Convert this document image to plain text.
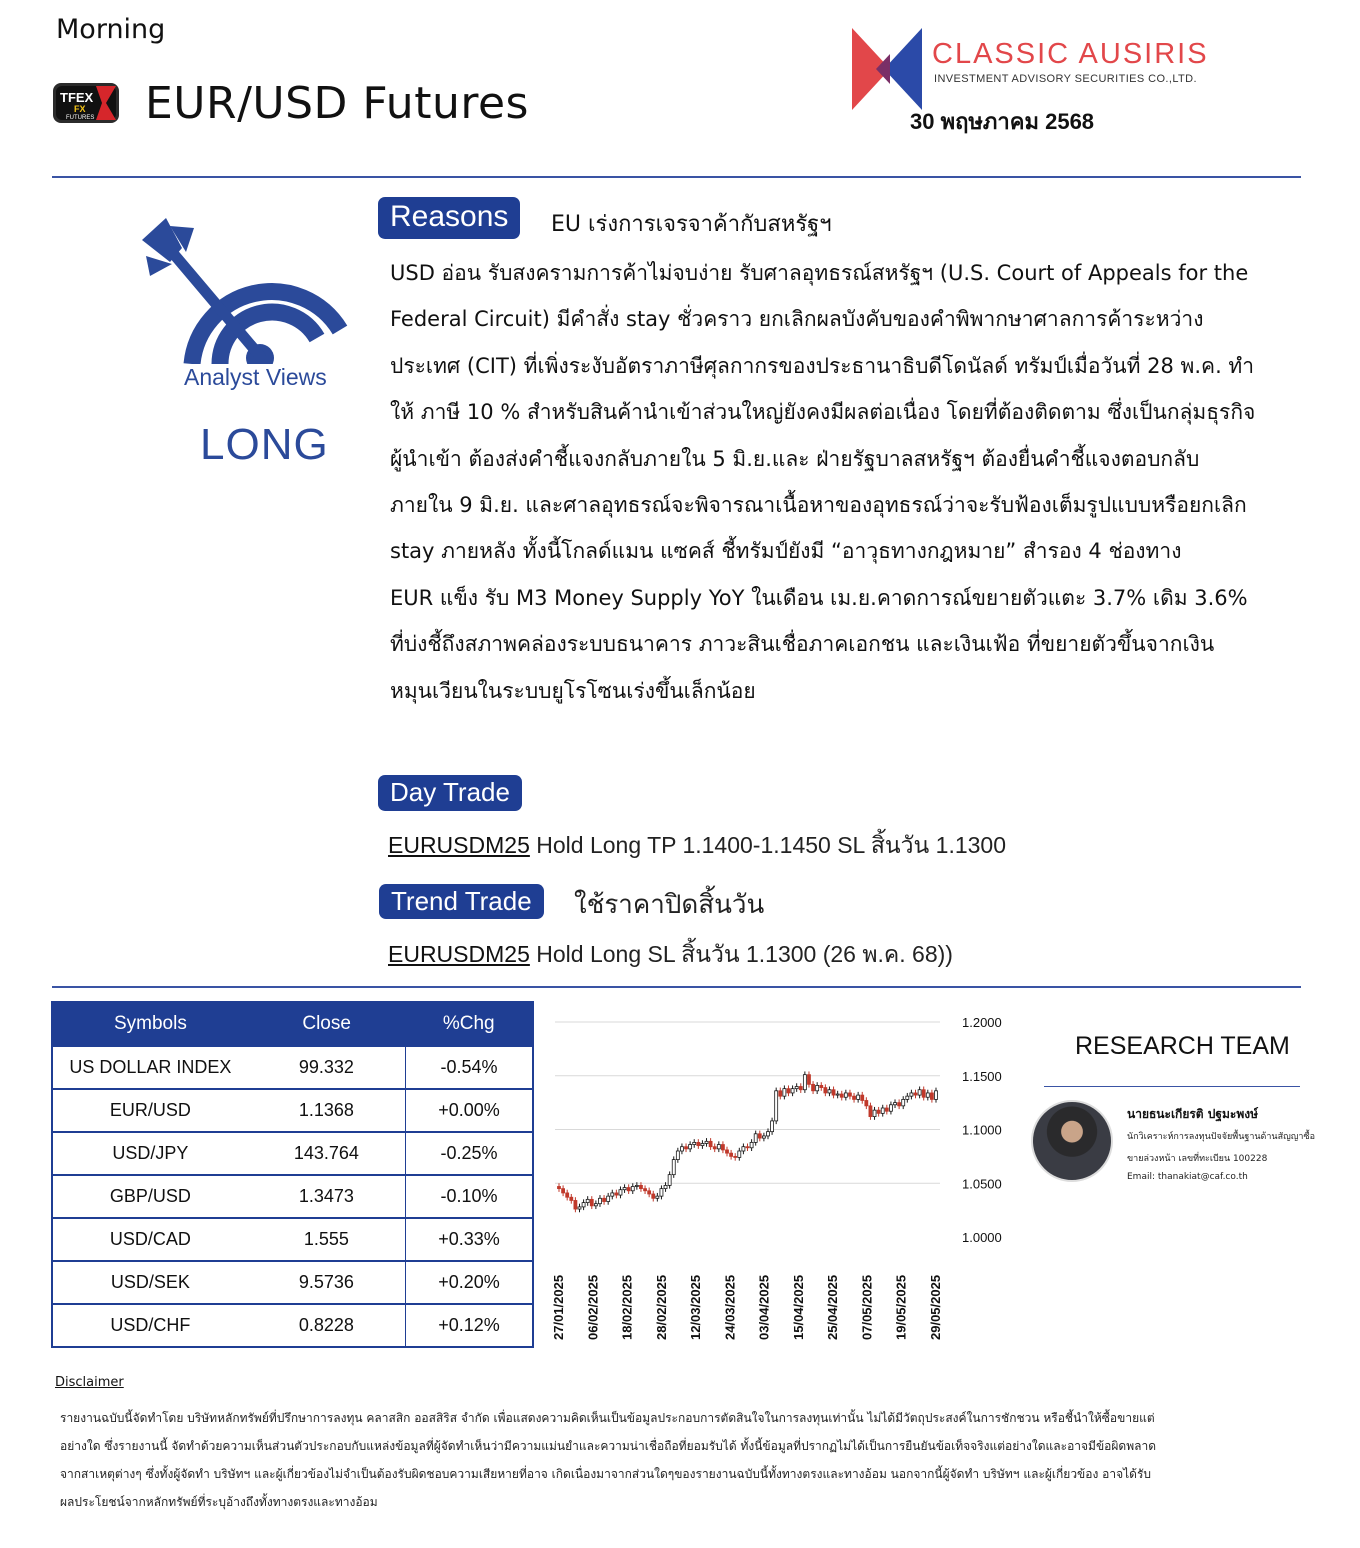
Morning
TFEX
FX
FUTURES EUR/USD Futures
CLASSIC AUSIRIS
INVESTMENT ADVISORY SECURITIES CO.,LTD.
30 พฤษภาคม 2568
Analyst Views
LONG
Reasons	EU เร่งการเจรจาค้ากับสหรัฐฯ
USD อ่อน รับสงครามการค้าไม่จบง่าย รับศาลอุทธรณ์สหรัฐฯ (U.S. Court of Appeals for the
Federal Circuit) มีคำสั่ง stay ชั่วคราว ยกเลิกผลบังคับของคำพิพากษาศาลการค้าระหว่าง
ประเทศ (CIT) ที่เพิ่งระงับอัตราภาษีศุลกากรของประธานาธิบดีโดนัลด์ ทรัมป์เมื่อวันที่ 28 พ.ค. ทำ
ให้ ภาษี 10 % สำหรับสินค้านำเข้าส่วนใหญ่ยังคงมีผลต่อเนื่อง โดยที่ต้องติดตาม ซึ่งเป็นกลุ่มธุรกิจ
ผู้นำเข้า ต้องส่งคำชี้แจงกลับภายใน 5 มิ.ย.และ ฝ่ายรัฐบาลสหรัฐฯ ต้องยื่นคำชี้แจงตอบกลับ
ภายใน 9 มิ.ย. และศาลอุทธรณ์จะพิจารณาเนื้อหาของอุทธรณ์ว่าจะรับฟ้องเต็มรูปแบบหรือยกเลิก
stay ภายหลัง ทั้งนี้โกลด์แมน แซคส์ ชี้ทรัมป์ยังมี “อาวุธทางกฎหมาย” สำรอง 4 ช่องทาง
EUR แข็ง รับ M3 Money Supply YoY ในเดือน เม.ย.คาดการณ์ขยายตัวแตะ 3.7% เดิม 3.6%
ที่บ่งชี้ถึงสภาพคล่องระบบธนาคาร ภาวะสินเชื่อภาคเอกชน และเงินเฟ้อ ที่ขยายตัวขึ้นจากเงิน
หมุนเวียนในระบบยูโรโซนเร่งขึ้นเล็กน้อย
Day Trade
EURUSDM25 Hold Long TP 1.1400-1.1450 SL สิ้นวัน 1.1300
Trend Trade	ใช้ราคาปิดสิ้นวัน
EURUSDM25 Hold Long SL สิ้นวัน 1.1300 (26 พ.ค. 68))
Symbols	Close	%Chg
US DOLLAR INDEX	99.332	-0.54%
EUR/USD	1.1368	+0.00%
USD/JPY	143.764	-0.25%
GBP/USD	1.3473	-0.10%
USD/CAD	1.555	+0.33%
USD/SEK	9.5736	+0.20%
USD/CHF	0.8228	+0.12%
1.2000
1.1500
1.1000
1.0500
1.0000
27/01/2025 06/02/2025 18/02/2025 28/02/2025 12/03/2025 24/03/2025 03/04/2025 15/04/2025 25/04/2025 07/05/2025 19/05/2025 29/05/2025
RESEARCH TEAM
นายธนะเกียรติ ปฐมะพงษ์
นักวิเคราะห์การลงทุนปัจจัยพื้นฐานด้านสัญญาซื้อ
ขายล่วงหน้า เลขที่ทะเบียน 100228
Email: thanakiat@caf.co.th
Disclaimer
รายงานฉบับนี้จัดทำโดย บริษัทหลักทรัพย์ที่ปรึกษาการลงทุน คลาสสิก ออสสิริส จำกัด เพื่อแสดงความคิดเห็นเป็นข้อมูลประกอบการตัดสินใจในการลงทุนเท่านั้น ไม่ได้มีวัตถุประสงค์ในการชักชวน หรือชี้นำให้ซื้อขายแต่
อย่างใด ซึ่งรายงานนี้ จัดทำด้วยความเห็นส่วนตัวประกอบกับแหล่งข้อมูลที่ผู้จัดทำเห็นว่ามีความแม่นยำและความน่าเชื่อถือที่ยอมรับได้ ทั้งนี้ข้อมูลที่ปรากฏไม่ได้เป็นการยืนยันข้อเท็จจริงแต่อย่างใดและอาจมีข้อผิดพลาด
จากสาเหตุต่างๆ ซึ่งทั้งผู้จัดทำ บริษัทฯ และผู้เกี่ยวข้องไม่จำเป็นต้องรับผิดชอบความเสียหายที่อาจ เกิดเนื่องมาจากส่วนใดๆของรายงานฉบับนี้ทั้งทางตรงและทางอ้อม นอกจากนี้ผู้จัดทำ บริษัทฯ และผู้เกี่ยวข้อง อาจได้รับ
ผลประโยชน์จากหลักทรัพย์ที่ระบุอ้างถึงทั้งทางตรงและทางอ้อม
